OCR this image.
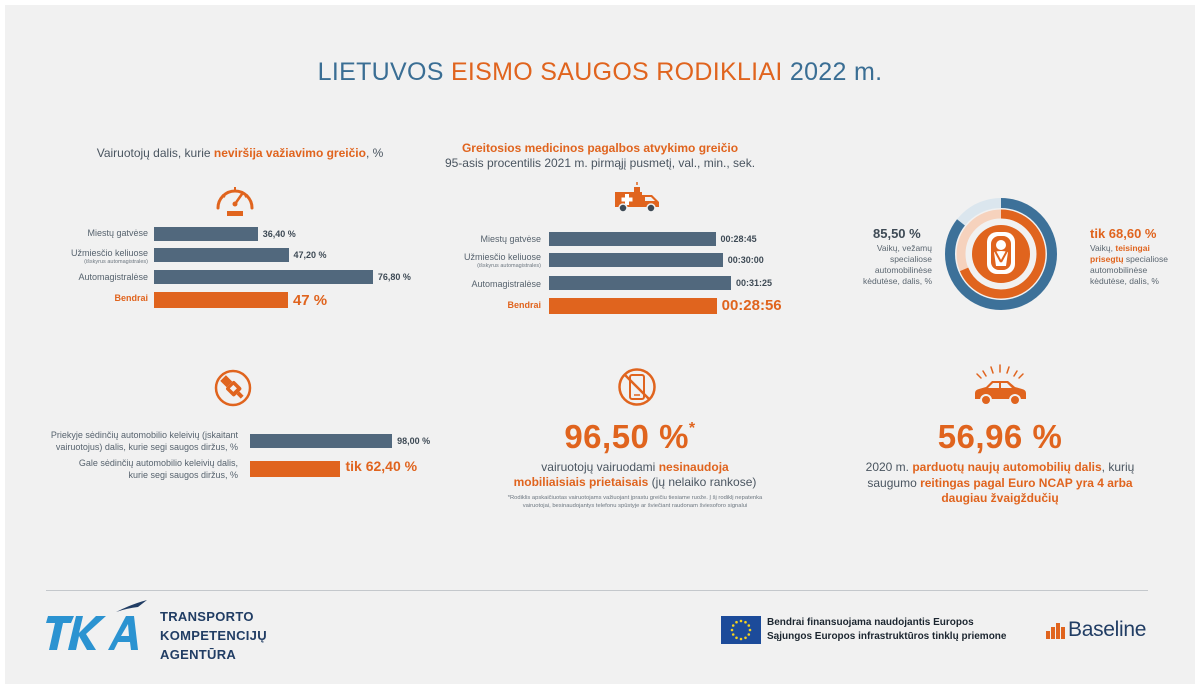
LIETUVOS EISMO SAUGOS RODIKLIAI 2022 m.
Vairuotojų dalis, kurie neviršija važiavimo greičio, %
Miestų gatvėse
Užmiesčio keliuose
(išskyrus automagistrales)
Automagistralėse
Bendrai
36,40 %
47,20 %
76,80 %
47 %
Greitosios medicinos pagalbos atvykimo greičio
95-asis procentilis 2021 m. pirmąjį pusmetį, val., min., sek.
Miestų gatvėse
Užmiesčio keliuose
(išskyrus automagistrales)
Automagistralėse
Bendrai
00:28:45
00:30:00
00:31:25
00:28:56
85,50 %
Vaikų, vežamų specialiose automobilinėse kėdutėse, dalis, %
tik 68,60 %
Vaikų, teisingai prisegtų specialiose automobilinėse kėdutėse, dalis, %
Priekyje sėdinčių automobilio keleivių (įskaitant vairuotojus) dalis, kurie segi saugos diržus, %
Gale sėdinčių automobilio keleivių dalis, kurie segi saugos diržus, %
98,00 %
tik 62,40 %
96,50 %*
vairuotojų vairuodami nesinaudoja
mobiliaisiais prietaisais (jų nelaiko rankose)
*Rodiklis apskaičiuotas vairuotojams važiuojant įprastu greičiu tiesiame ruože. Į šį rodiklį nepatenka
vairuotojai, besinaudojantys telefonu spūstyje ar šviečiant raudonam šviesoforo signalui
56,96 %
2020 m. parduotų naujų automobilių dalis, kurių
saugumo reitingas pagal Euro NCAP yra 4 arba
daugiau žvaigždučių
TRANSPORTO
KOMPETENCIJŲ
AGENTŪRA
Bendrai finansuojama naudojantis Europos
Sąjungos Europos infrastruktūros tinklų priemone	Baseline
